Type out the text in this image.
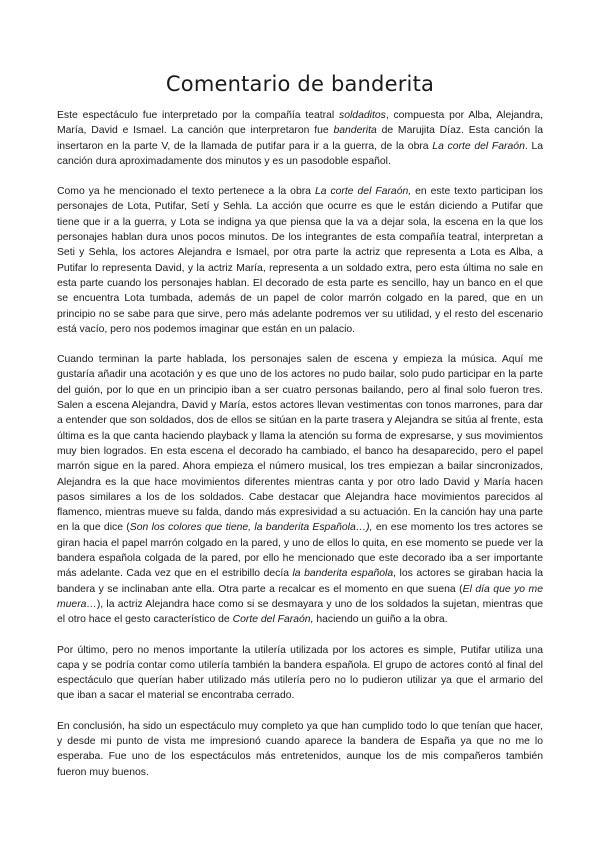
Comentario de banderita

Este espectáculo fue interpretado por la compañía teatral soldaditos, compuesta por Alba, Alejandra, María, David e Ismael. La canción que interpretaron fue banderita de Marujita Díaz. Esta canción la insertaron en la parte V, de la llamada de putifar para ir a la guerra, de la obra La corte del Faraón. La canción dura aproximadamente dos minutos y es un pasodoble español.

Como ya he mencionado el texto pertenece a la obra La corte del Faraón, en este texto participan los personajes de Lota, Putifar, Setí y Sehla. La acción que ocurre es que le están diciendo a Putifar que tiene que ir a la guerra, y Lota se indigna ya que piensa que la va a dejar sola, la escena en la que los personajes hablan dura unos pocos minutos. De los integrantes de esta compañía teatral, interpretan a Seti y Sehla, los actores Alejandra e Ismael, por otra parte la actriz que representa a Lota es Alba, a Putifar lo representa David, y la actriz María, representa a un soldado extra, pero esta última no sale en esta parte cuando los personajes hablan. El decorado de esta parte es sencillo, hay un banco en el que se encuentra Lota tumbada, además de un papel de color marrón colgado en la pared, que en un principio no se sabe para que sirve, pero más adelante podremos ver su utilidad, y el resto del escenario está vacío, pero nos podemos imaginar que están en un palacio.

Cuando terminan la parte hablada, los personajes salen de escena y empieza la música. Aquí me gustaría añadir una acotación y es que uno de los actores no pudo bailar, solo pudo participar en la parte del guión, por lo que en un principio iban a ser cuatro personas bailando, pero al final solo fueron tres. Salen a escena Alejandra, David y María, estos actores llevan vestimentas con tonos marrones, para dar a entender que son soldados, dos de ellos se sitúan en la parte trasera y Alejandra se sitúa al frente, esta última es la que canta haciendo playback y llama la atención su forma de expresarse, y sus movimientos muy bien logrados. En esta escena el decorado ha cambiado, el banco ha desaparecido, pero el papel marrón sigue en la pared. Ahora empieza el número musical, los tres empiezan a bailar sincronizados, Alejandra es la que hace movimientos diferentes mientras canta y por otro lado David y María hacen pasos similares a los de los soldados. Cabe destacar que Alejandra hace movimientos parecidos al flamenco, mientras mueve su falda, dando más expresividad a su actuación. En la canción hay una parte en la que dice (Son los colores que tiene, la banderita Española…), en ese momento los tres actores se giran hacia el papel marrón colgado en la pared, y uno de ellos lo quita, en ese momento se puede ver la bandera española colgada de la pared, por ello he mencionado que este decorado iba a ser importante más adelante. Cada vez que en el estribillo decía la banderita española, los actores se giraban hacia la bandera y se inclinaban ante ella. Otra parte a recalcar es el momento en que suena (El día que yo me muera…), la actriz Alejandra hace como si se desmayara y uno de los soldados la sujetan, mientras que el otro hace el gesto característico de Corte del Faraón, haciendo un guiño a la obra.

Por último, pero no menos importante la utilería utilizada por los actores es simple, Putifar utiliza una capa y se podría contar como utilería también la bandera española. El grupo de actores contó al final del espectáculo que querían haber utilizado más utilería pero no lo pudieron utilizar ya que el armario del que iban a sacar el material se encontraba cerrado.

En conclusión, ha sido un espectáculo muy completo ya que han cumplido todo lo que tenían que hacer, y desde mi punto de vista me impresionó cuando aparece la bandera de España ya que no me lo esperaba. Fue uno de los espectáculos más entretenidos, aunque los de mis compañeros también fueron muy buenos.
